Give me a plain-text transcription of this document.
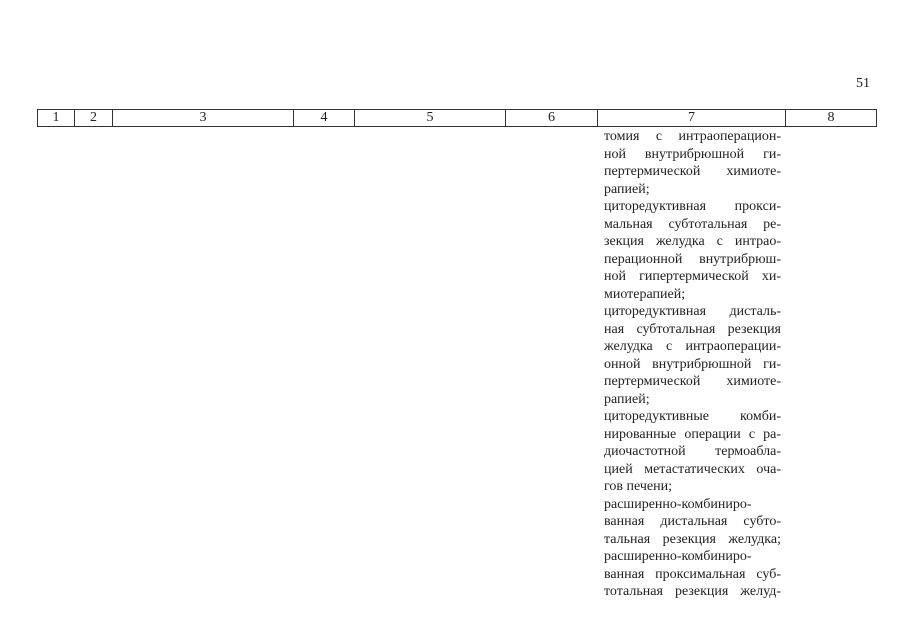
51
1	2	3	4	5	6	7	8
томия с интраоперацион-
ной внутрибрюшной ги-
пертермической химиоте-
рапией;
циторедуктивная прокси-
мальная субтотальная ре-
зекция желудка с интрао-
перационной внутрибрюш-
ной гипертермической хи-
миотерапией;
циторедуктивная дисталь-
ная субтотальная резекция
желудка с интраоперации-
онной внутрибрюшной ги-
пертермической химиоте-
рапией;
циторедуктивные комби-
нированные операции с ра-
диочастотной термоабла-
цией метастатических оча-
гов печени;
расширенно-комбиниро-
ванная дистальная субто-
тальная резекция желудка;
расширенно-комбиниро-
ванная проксимальная суб-
тотальная резекция желуд-
